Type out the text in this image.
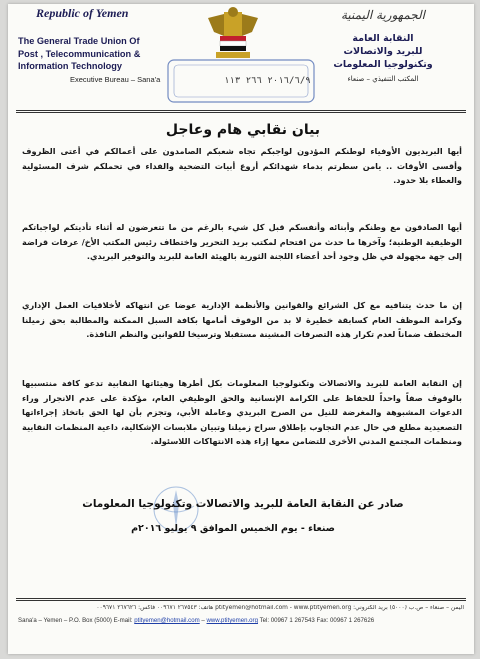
Republic of Yemen
The General Trade Union Of
Post , Telecommunication &
Information Technology
Executive Bureau – Sana'a	٢٠١٦/٦/٩ ٢٦٦ ١١٣
الجمهورية اليمنية
النقابة العامة
للبريد والاتصالات
وتكنولوجيا المعلومات
المكتب التنفيذي – صنعاء
بيان نقابي هام وعاجل

أيها البريديون الأوفياء لوطنكم المؤدون لواجبكم تجاه شعبكم الصامدون على أعمالكم في أعتى الظروف وأقسى الأوقات .. يامن سطرتم بدماء شهدائكم أروع أبيات التضحية والفداء في تحملكم شرف المسئولية والعطاء بلا حدود.

أيها الصادقون مع وطنكم وأبنائه وأنفسكم قبل كل شيء بالرغم من ما تتعرضون له أثناء تأديتكم لواجباتكم الوظيفية الوطنية؛ وآخرها ما حدث من اقتحام لمكتب بريد التحرير واختطاف رئيس المكتب الأخ/ عرفات قراضة إلى جهة مجهولة في ظل وجود أحد أعضاء اللجنة الثورية بالهيئة العامة للبريد والتوفير البريدي.

إن ما حدث يتنافيه مع كل الشرائع والقوانين والأنظمة الإدارية عوضا عن انتهاكه لأخلاقيات العمل الإداري وكرامة الموظف العام كسابقة خطيرة لا بد من الوقوف أمامها بكافة السبل الممكنة والمطالبة بحق زميلنا المختطف ضماناً لعدم تكرار هذه التصرفات المشينة مستقبلا وترسيخا للقوانين والنظم النافذة.

إن النقابة العامة للبريد والاتصالات وتكنولوجيا المعلومات بكل أطرها وهيئاتها النقابية تدعو كافة منتسبيها بالوقوف صفاً واحداً للحفاظ على الكرامة الإنسانية والحق الوظيفي العام، مؤكدة على عدم الانجرار وراء الدعوات المشبوهة والمغرضة للنيل من الصرح البريدي وعاملة الأبي، وتجزم بأن لها الحق باتخاذ إجراءاتها التصعيدية مطلع في حال عدم التجاوب بإطلاق سراح زميلنا وتبيان ملابسات الإشكالية، داعية المنظمات النقابية ومنظمات المجتمع المدني الأخرى للتضامن معها إزاء هذه الانتهاكات اللاسئولة.

صادر عن النقابة العامة للبريد والاتصالات وتكنولوجيا المعلومات
صنعاء - يوم الخميس الموافق ٩ يوليو ٢٠١٦م
اليمن – صنعاء – ص.ب (٥٠٠٠) بريد الكتروني: ptityemen@hotmail.com - www.ptityemen.org هاتف: ٢٦٧٥٤٣ ٠٠٩٦٧١ فاكس: ٢٦٧٦٢٦ ٠٠٩٦٧١
Sana'a – Yemen – P.O. Box (5000) E-mail: ptityemen@hotmail.com – www.ptityemen.org Tel: 00967 1 267543 Fax: 00967 1 267626
